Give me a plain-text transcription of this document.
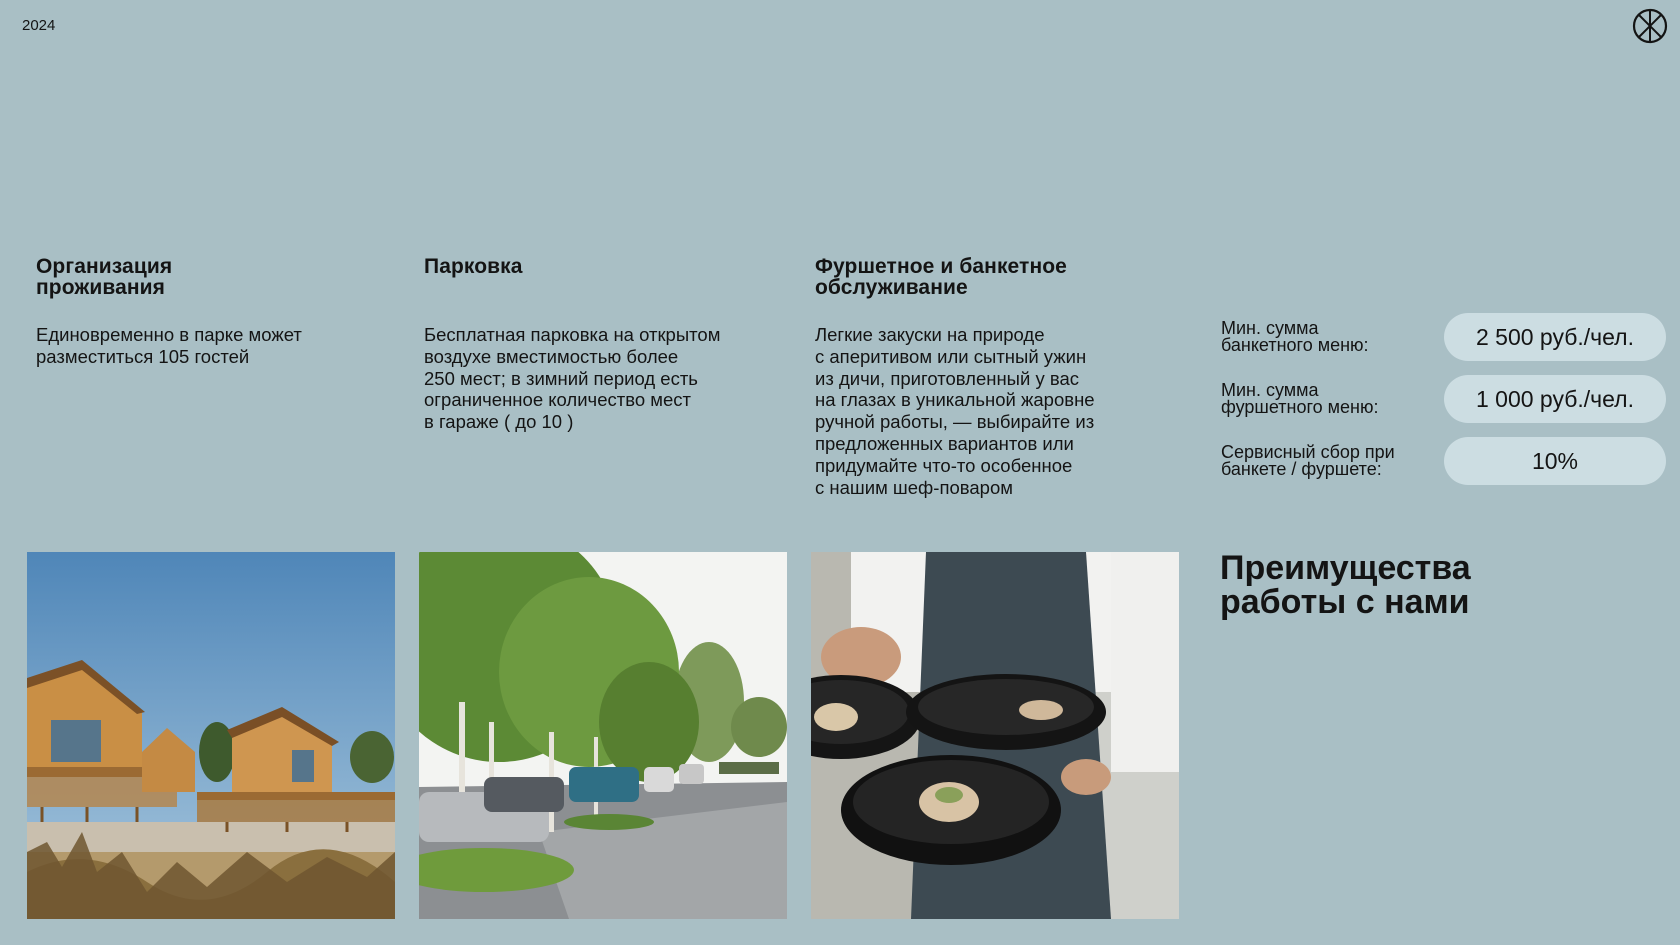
2024
Организация
проживания

Единовременно в парке может
разместиться 105 гостей

Парковка

Бесплатная парковка на открытом
воздухе вместимостью более
250 мест; в зимний период есть
ограниченное количество мест
в гараже ( до 10 )

Фуршетное и банкетное
обслуживание

Легкие закуски на природе
с аперитивом или сытный ужин
из дичи, приготовленный у вас
на глазах в уникальной жаровне
ручной работы, — выбирайте из
предложенных вариантов или
придумайте что-то особенное
с нашим шеф-поваром

Мин. сумма
банкетного меню:	2 500 руб./чел.
Мин. сумма
фуршетного меню:	1 000 руб./чел.
Сервисный сбор при
банкете / фуршете:	10%
Преимущества
работы с нами
